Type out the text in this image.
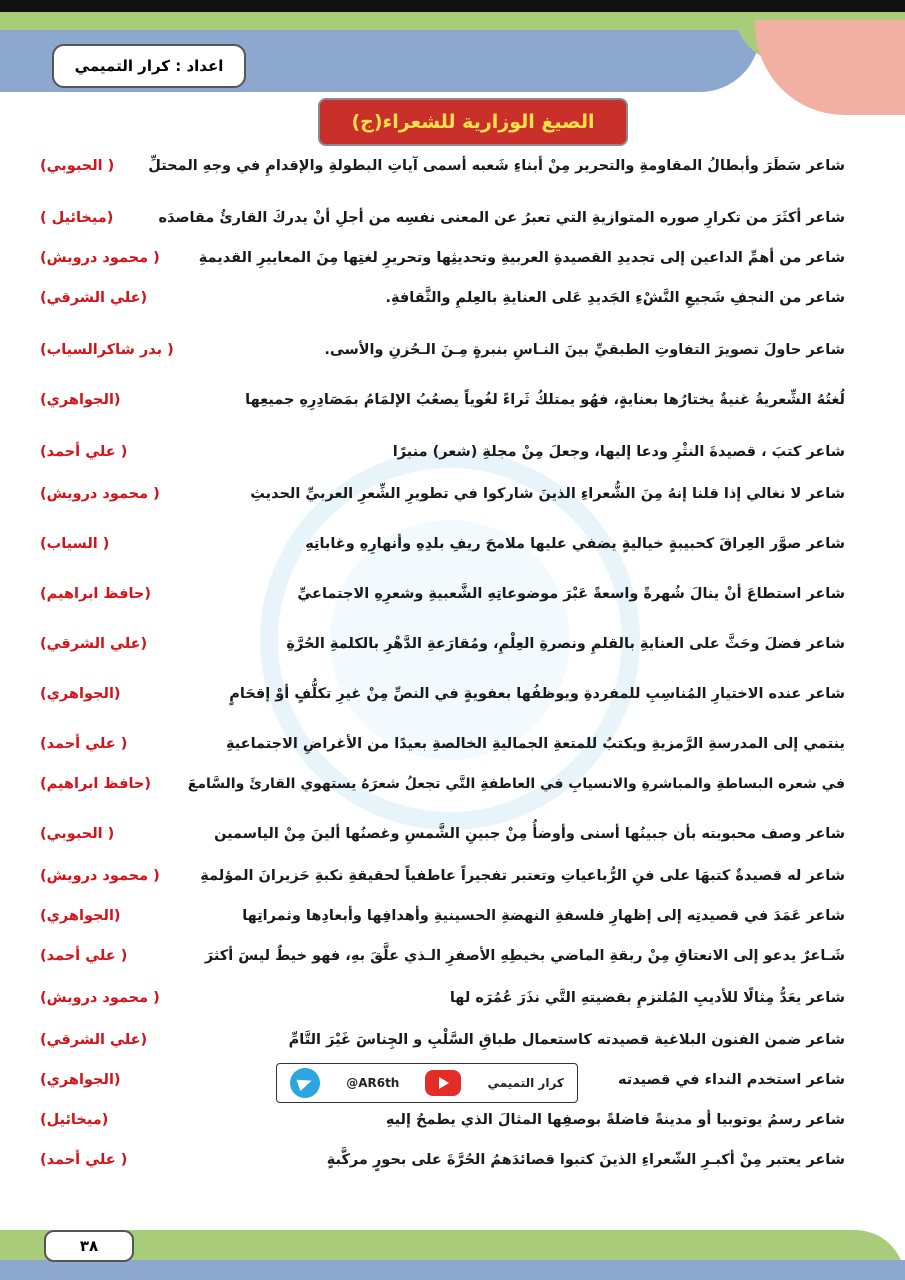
اعداد : كرار التميمي
الصيغ الوزارية للشعراء(ج)
شاعر سَطَرَ وأبطالُ المقاومةِ والتحرير مِنْ أبناءِ شَعبه أسمى آياتِ البطولةِ والإقدامِ في وجهِ المحتلِّ
( الحبوبي)
شاعر أكثَرَ من تكرارِ صوره المتوازيةِ التي تعبرُ عن المعنى نفسِه من أجلِ أنْ يدركَ القارئُ مقاصدَه
(ميخائيل )
شاعر من أهمِّ الداعين إلى تجديدِ القصيدةِ العربيةِ وتحديثِها وتحريرِ لغتِها مِنَ المعاييرِ القديمةِ
( محمود درويش)
شاعر من النجفِ شَجيعِ النَّشْءِ الجَديدِ عَلى العنايةِ بالعِلمِ والثَّقافةِ.
(علي الشرقي)
شاعر حاولَ تصويرَ التفاوتِ الطبقيِّ بينَ النـاسِ بنبرةٍ مِـنَ الـحُزنِ والأسى.
( بدر شاكرالسياب)
لُغتُهُ الشِّعريةُ غنيةٌ يختارُها بعنايةٍ، فهُو يمتلكُ ثَراءً لغُوياً يصعُبُ الإلمَامُ بمَصَادِرِهِ جميعِها
(الجواهري)
شاعر كتبَ ، قصيدةَ النثْرِ ودعا إليها، وجعلَ مِنْ مجلةِ (شعر) منبرًا
( علي أحمد)
شاعر لا نغالي إذا قلنا إنهُ مِنَ الشُّعراءِ الذينَ شاركوا في تطويرِ الشِّعرِ العربيِّ الحديثِ
( محمود درويش)
شاعر صوَّر العِراقَ كحبيبةٍ خياليةٍ يضفي عليها ملامحَ ريفِ بلدِهِ وأنهارِهِ وغاباتِهِ
( السياب)
شاعر استطاعَ أنْ ينالَ شُهرةً واسعةً عَبْرَ موضوعاتِهِ الشَّعبيةِ وشعرِهِ الاجتماعيِّ
(حافظ ابراهيم)
شاعر فضلَ وحَثَّ على العنايةِ بالقلمِ ونصرةِ العِلْمِ، ومُقارَعةِ الدَّهْرِ بالكلمةِ الحُرَّةِ
(علي الشرقي)
شاعر عنده الاختيارِ المُناسِبِ للمفردةِ ويوظفُها بعفويةٍ في النصِّ مِنْ غيرِ تكلُّفٍ أوْ إقحَامٍ
(الجواهري)
ينتمي إلى المدرسةِ الرَّمزيةِ ويكتبُ للمتعةِ الجماليةِ الخالصةِ بعيدًا من الأغراضِ الاجتماعيةِ
( علي أحمد)
في شعره البساطةِ والمباشرةِ والانسيابِ في العاطفةِ التَّي تجعلُ شعرَهُ يستهوي القارئَ والسَّامعَ
(حافظ ابراهيم)
شاعر وصف محبوبته بأن جبينُها أسنى وأوضأُ مِنْ جبينِ الشَّمسِ وغصنُها ألينَ مِنْ الياسمين
( الحبوبي)
شاعر له قصيدةٌ كتبهَا على فنِ الرُّباعياتِ وتعتبر تفجيراً عاطفياً لحقيقةِ نكبةِ حَزيرانَ المؤلمةِ
( محمود درويش)
شاعر عَمَدَ في قصيدتِه إلى إظهارِ فلسفةِ النهضةِ الحسينيةِ وأهدافِها وأبعادِها وثمراتِها
(الجواهري)
شَـاعرٌ يدعو إلى الانعتاقِ مِنْ ربقةِ الماضي بخيطِهِ الأصفرِ الـذي علَّقَ بهِ، فهو خيطٌ ليسَ أكثرَ
( علي أحمد)
شاعر يعَدُّ مِثالًا للأديبِ المُلتزمِ بقضيتهِ التَّي نذَرَ عُمُرَه لها
( محمود درويش)
شاعر ضمن الفنون البلاغية قصيدته كاستعمال طباقِ السَّلْبِ و الجِناسَ غَيْرَ التَّامِّ
(علي الشرقي)
شاعر استخدم النداء في قصيدته
(الجواهري)
شاعر رسمُ يوتوبيا أو مدينةً فاضلةً بوصفِها المثالَ الذي يطمحُ إليهِ
(ميخائيل)
شاعر يعتبر مِنْ أكبـرِ الشّعراءِ الذينَ كتبوا قصائدَهمُ الحُرَّةَ على بحورٍ مركَّبةٍ
( علي أحمد)
@AR6th	كرار التميمي
٣٨
